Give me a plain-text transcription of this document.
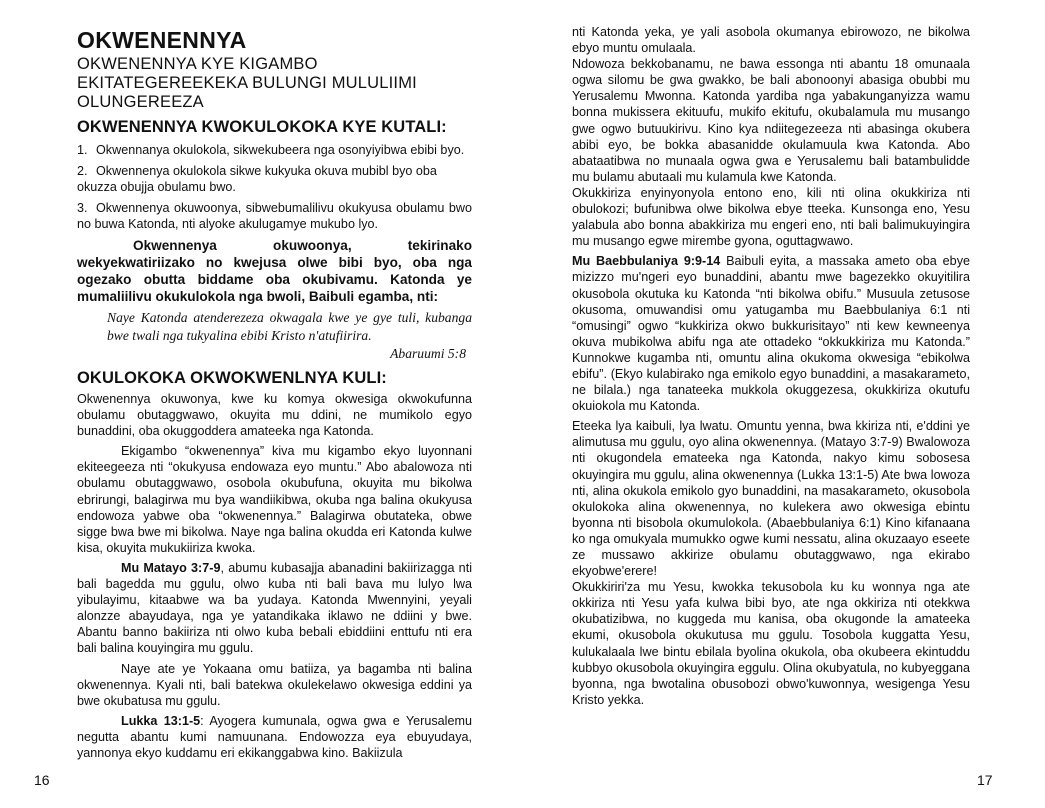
OKWENENNYA

OKWENENNYA KYE KIGAMBO EKITATEGEREEKEKA BULUNGI MULULIIMI OLUNGEREEZA

OKWENENNYA KWOKULOKOKA KYE KUTALI:

1. Okwennanya okulokola, sikwekubeera nga osonyiyibwa ebibi byo.
2. Okwennenya okulokola sikwe kukyuka okuva mubibl byo oba okuzza obujja obulamu bwo.
3. Okwennenya okuwoonya, sibwebumalilivu okukyusa obulamu bwo no buwa Katonda, nti alyoke akulugamye mukubo lyo.

Okwennenya okuwoonya, tekirinako wekyekwatiriizako no kwejusa olwe bibi byo, oba nga ogezako obutta biddame oba okubivamu. Katonda ye mumaliilivu okukulokola nga bwoli, Baibuli egamba, nti:

Naye Katonda atenderezeza okwagala kwe ye gye tuli, kubanga bwe twali nga tukyalina ebibi Kristo n'atufiirira.

Abaruumi 5:8

OKULOKOKA OKWOKWENLNYA KULI:

Okwenennya okuwonya, kwe ku komya okwesiga okwokufunna obulamu obutaggwawo, okuyita mu ddini, ne mumikolo egyo bunaddini, oba okuggoddera amateeka nga Katonda.

Ekigambo “okwenennya” kiva mu kigambo ekyo luyonnani ekiteegeeza nti “okukyusa endowaza eyo muntu.” Abo abalowoza nti obulamu obutaggwawo, osobola okubufuna, okuyita mu bikolwa ebrirungi, balagirwa mu bya wandiikibwa, okuba nga balina okukyusa endowoza yabwe oba “okwenennya.” Balagirwa obutateka, obwe sigge bwa bwe mi bikolwa. Naye nga balina okudda eri Katonda kulwe kisa, okuyita mukukiiriza kwoka.

Mu Matayo 3:7-9, abumu kubasajja abanadini bakiirizagga nti bali bagedda mu ggulu, olwo kuba nti bali bava mu lulyo lwa yibulayimu, kitaabwe wa ba yudaya. Katonda Mwennyini, yeyali alonzze abayudaya, nga ye yatandikaka iklawo ne ddiini y bwe. Abantu banno bakiiriza nti olwo kuba bebali ebiddiini enttufu nti era bali balina kouyingira mu ggulu.

Naye ate ye Yokaana omu batiiza, ya bagamba nti balina okwenennya. Kyali nti, bali batekwa okulekelawo okwesiga eddini ya bwe okubatusa mu ggulu.

Lukka 13:1-5: Ayogera kumunala, ogwa gwa e Yerusalemu neguttа abantu kumi namuunana. Endowozza eya ebuyudaya, yannonya ekyo kuddamu eri ekikanggabwa kino. Bakiizula

16

nti Katonda yeka, ye yali asobola okumanya ebirowozo, ne bikolwa ebyo muntu omulaala.

Ndowoza bekkobanamu, ne bawa essonga nti abantu 18 omunaala ogwa silomu be gwa gwakko, be bali abonoonyi abasiga obubbi mu Yerusalemu Mwonna. Katonda yardiba nga yabakunganyizza wamu bonna mukissera ekituufu, mukifo ekitufu, okubalamula mu musango gwe ogwo butuukirivu. Kino kya ndiitegezeeza nti abasinga okubera abibi eyo, be bokka abasanidde okulamuula kwa Katonda. Abo abataatibwa no munaala ogwa gwa e Yerusalemu bali batambulidde mu bulamu abutaali mu kulamula kwe Katonda.

Okukkiriza enyinyonyola entono eno, kili nti olina okukkiriza nti obulokozi; bufunibwa olwe bikolwa ebye tteeka. Kunsonga eno, Yesu yalabula abo bonna abakkiriza mu engeri eno, nti bali balimukuyingira mu musango egwe mirembe gyona, oguttagwawo.

Mu Baebbulaniya 9:9-14 Baibuli eyita, a massaka ameto oba ebye mizizzo mu'ngeri eyo bunaddini, abantu mwe bagezekko okuyitilira okusobola okutuka ku Katonda “nti bikolwa obifu.” Musuula zetusose okusoma, omuwandisi omu yatugamba mu Baebbulaniya 6:1 nti “omusingi” ogwo “kukkiriza okwo bukkurisitayo” nti kew kewneenya okuva mubikolwa abifu nga ate ottadeko “okkukkiriza mu Katonda.” Kunnokwe kugamba nti, omuntu alina okukoma okwesiga “ebikolwa ebifu”. (Ekyo kulabirako nga emikolo egyo bunaddini, a masakarameto, ne bilala.) nga tanateeka mukkola okuggezesa, okukkiriza okutufu okuiokola mu Katonda.

Eteeka lya kaibuli, lya lwatu. Omuntu yenna, bwa kkiriza nti, e'ddini ye alimutusa mu ggulu, oyo alina okwenennya. (Matayo 3:7-9) Bwalowoza nti okugondela emateeka nga Katonda, nakyo kimu sobosesa okuyingira mu ggulu, alina okwenennya (Lukka 13:1-5) Ate bwa lowoza nti, alina okukola emikolo gyo bunaddini, na masakarameto, okusobola okulokoka alina okwenennya, no kulekera awo okwesiga ebintu byonna nti bisobola okumulokola. (Abaebbulaniya 6:1) Kino kifanaana ko nga omukyala mumukko ogwe kumi nessatu, alina okuzaayo eseete ze mussawo akkirize obulamu obutaggwawo, nga ekirabo ekyobwe'erere!

Okukkiriri'za mu Yesu, kwokka tekusobola ku ku wonnya nga ate okkiriza nti Yesu yafa kulwa bibi byo, ate nga okkiriza nti otekkwa okubatizibwa, no kuggeda mu kanisa, oba okugonde la amateeka ekumi, okusobola okukutusa mu ggulu. Tosobola kuggatta Yesu, kulukalaala lwe bintu ebilala byolina okukola, oba okubeera ekintuddu kubbyo okusobola okuyingira eggulu. Olina okubyatula, no kubyeggana byonna, nga bwotalina obusobozi obwo'kuwonnya, wesigenga Yesu Kristo yekka.

17
